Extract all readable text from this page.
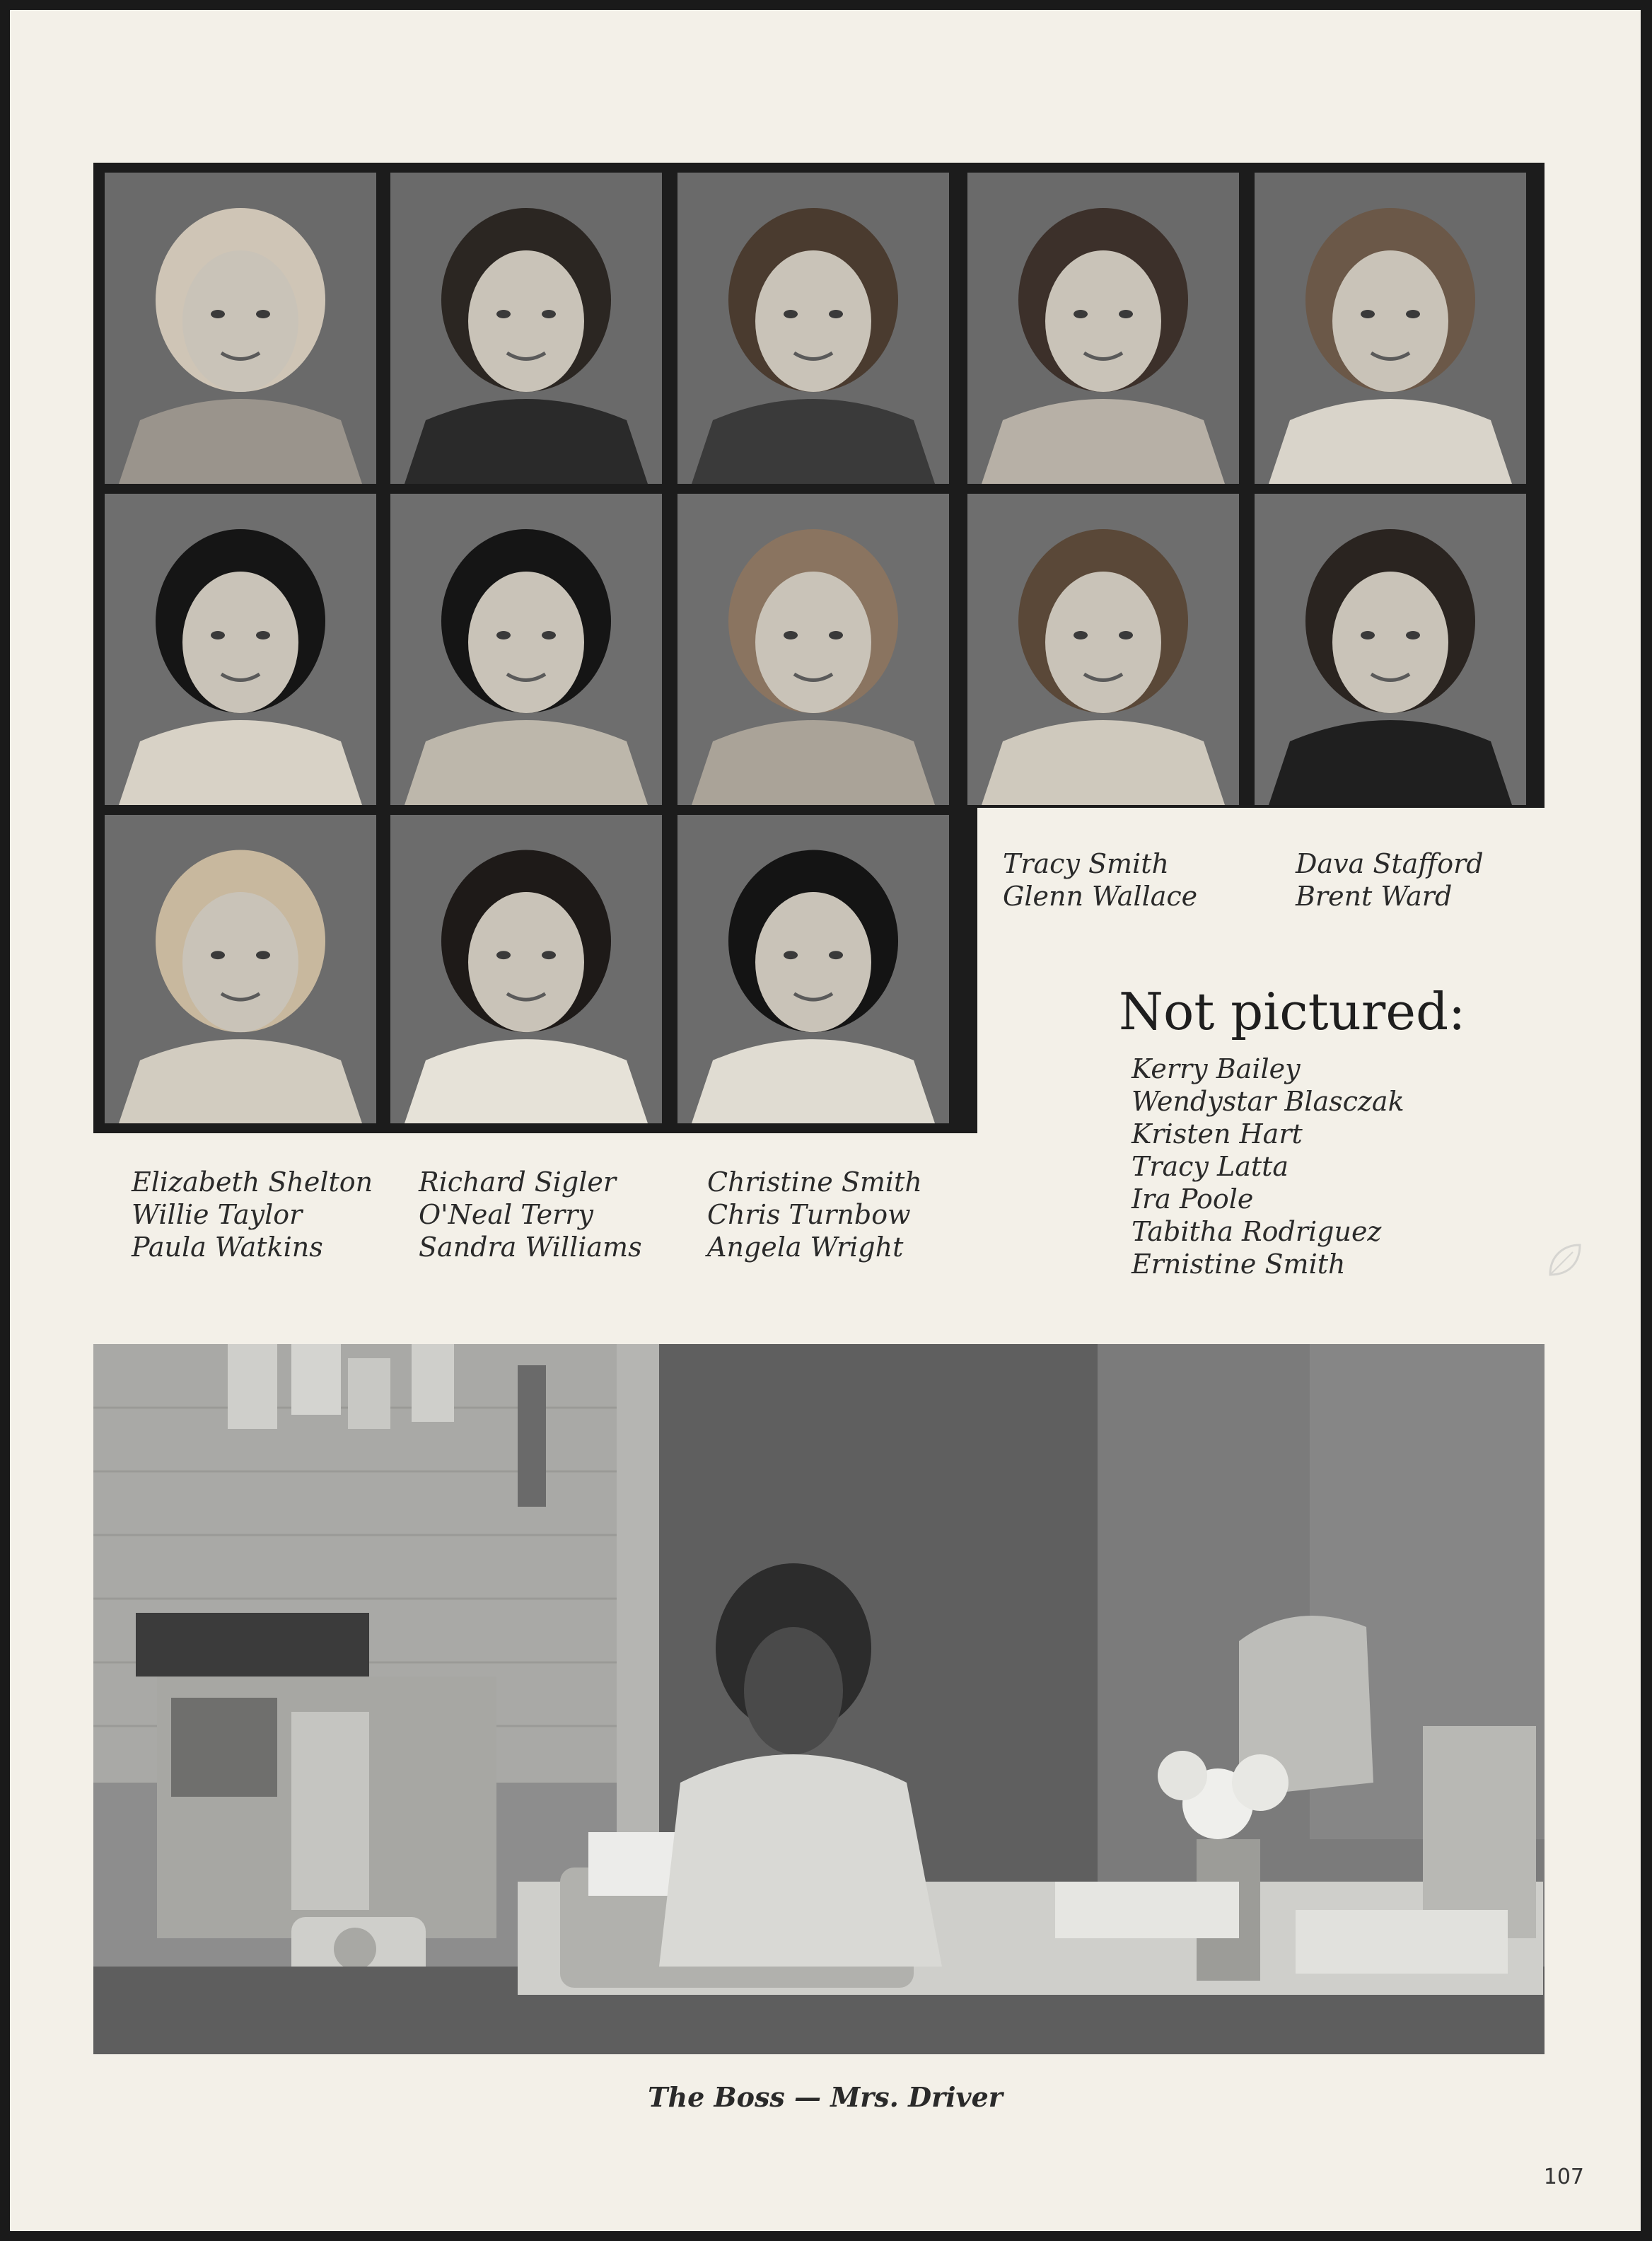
Tracy Smith
Glenn Wallace
Dava Stafford
Brent Ward
Elizabeth Shelton
Willie Taylor
Paula Watkins
Richard Sigler
O'Neal Terry
Sandra Williams
Christine Smith
Chris Turnbow
Angela Wright
Not pictured:
Kerry Bailey
Wendystar Blasczak
Kristen Hart
Tracy Latta
Ira Poole
Tabitha Rodriguez
Ernistine Smith
The Boss — Mrs. Driver
107
